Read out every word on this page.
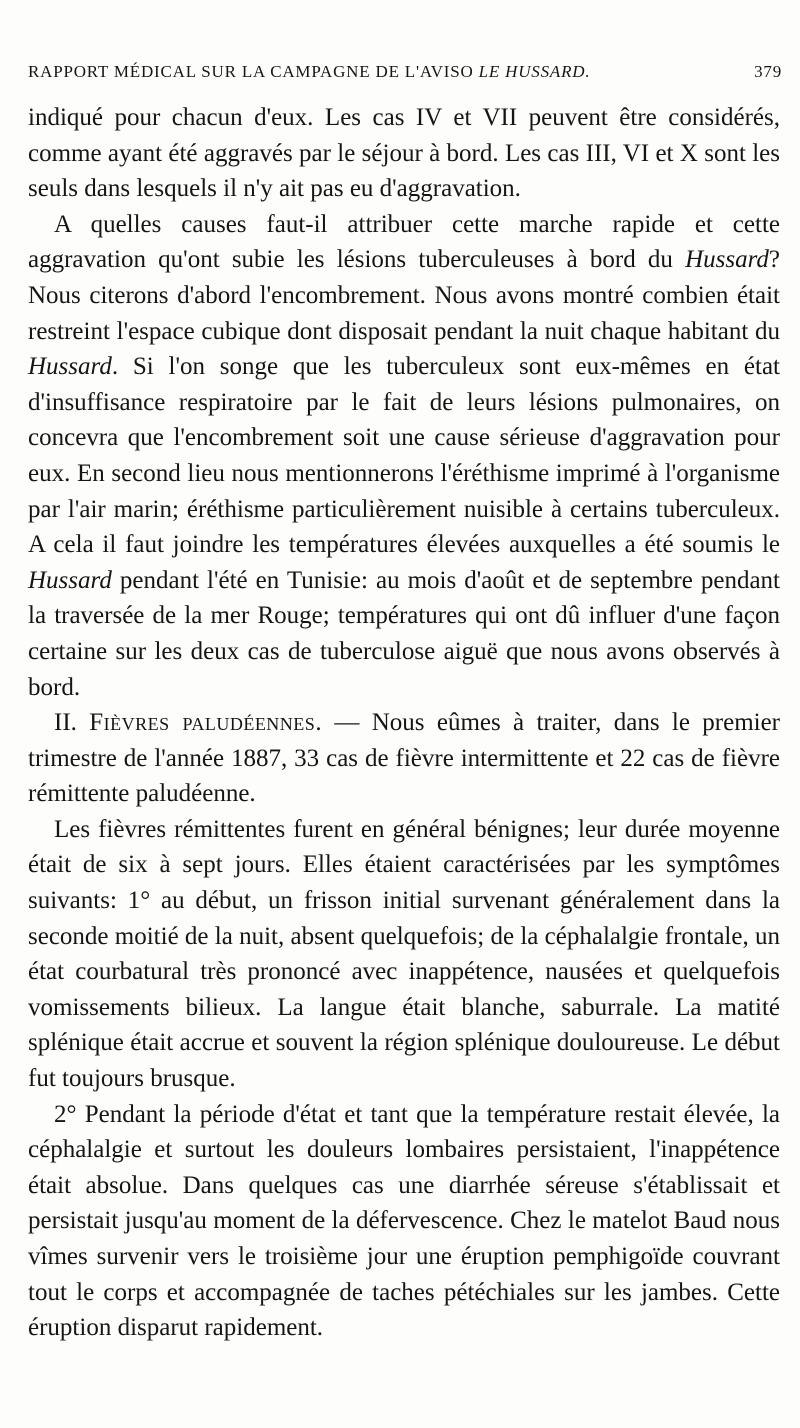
RAPPORT MÉDICAL SUR LA CAMPAGNE DE L'AVISO LE HUSSARD.	379

indiqué pour chacun d'eux. Les cas IV et VII peuvent être considérés, comme ayant été aggravés par le séjour à bord. Les cas III, VI et X sont les seuls dans lesquels il n'y ait pas eu d'aggravation.

A quelles causes faut-il attribuer cette marche rapide et cette aggravation qu'ont subie les lésions tuberculeuses à bord du Hussard? Nous citerons d'abord l'encombrement. Nous avons montré combien était restreint l'espace cubique dont disposait pendant la nuit chaque habitant du Hussard. Si l'on songe que les tuberculeux sont eux-mêmes en état d'insuffisance respiratoire par le fait de leurs lésions pulmonaires, on concevra que l'encombrement soit une cause sérieuse d'aggravation pour eux. En second lieu nous mentionnerons l'éréthisme imprimé à l'organisme par l'air marin; éréthisme particulièrement nuisible à certains tuberculeux. A cela il faut joindre les températures élevées auxquelles a été soumis le Hussard pendant l'été en Tunisie: au mois d'août et de septembre pendant la traversée de la mer Rouge; températures qui ont dû influer d'une façon certaine sur les deux cas de tuberculose aiguë que nous avons observés à bord.

II. Fièvres paludéennes. — Nous eûmes à traiter, dans le premier trimestre de l'année 1887, 33 cas de fièvre intermittente et 22 cas de fièvre rémittente paludéenne.

Les fièvres rémittentes furent en général bénignes; leur durée moyenne était de six à sept jours. Elles étaient caractérisées par les symptômes suivants: 1° au début, un frisson initial survenant généralement dans la seconde moitié de la nuit, absent quelquefois; de la céphalalgie frontale, un état courbatural très prononcé avec inappétence, nausées et quelquefois vomissements bilieux. La langue était blanche, saburrale. La matité splénique était accrue et souvent la région splénique douloureuse. Le début fut toujours brusque.

2° Pendant la période d'état et tant que la température restait élevée, la céphalalgie et surtout les douleurs lombaires persistaient, l'inappétence était absolue. Dans quelques cas une diarrhée séreuse s'établissait et persistait jusqu'au moment de la défervescence. Chez le matelot Baud nous vîmes survenir vers le troisième jour une éruption pemphigoïde couvrant tout le corps et accompagnée de taches pétéchiales sur les jambes. Cette éruption disparut rapidement.
